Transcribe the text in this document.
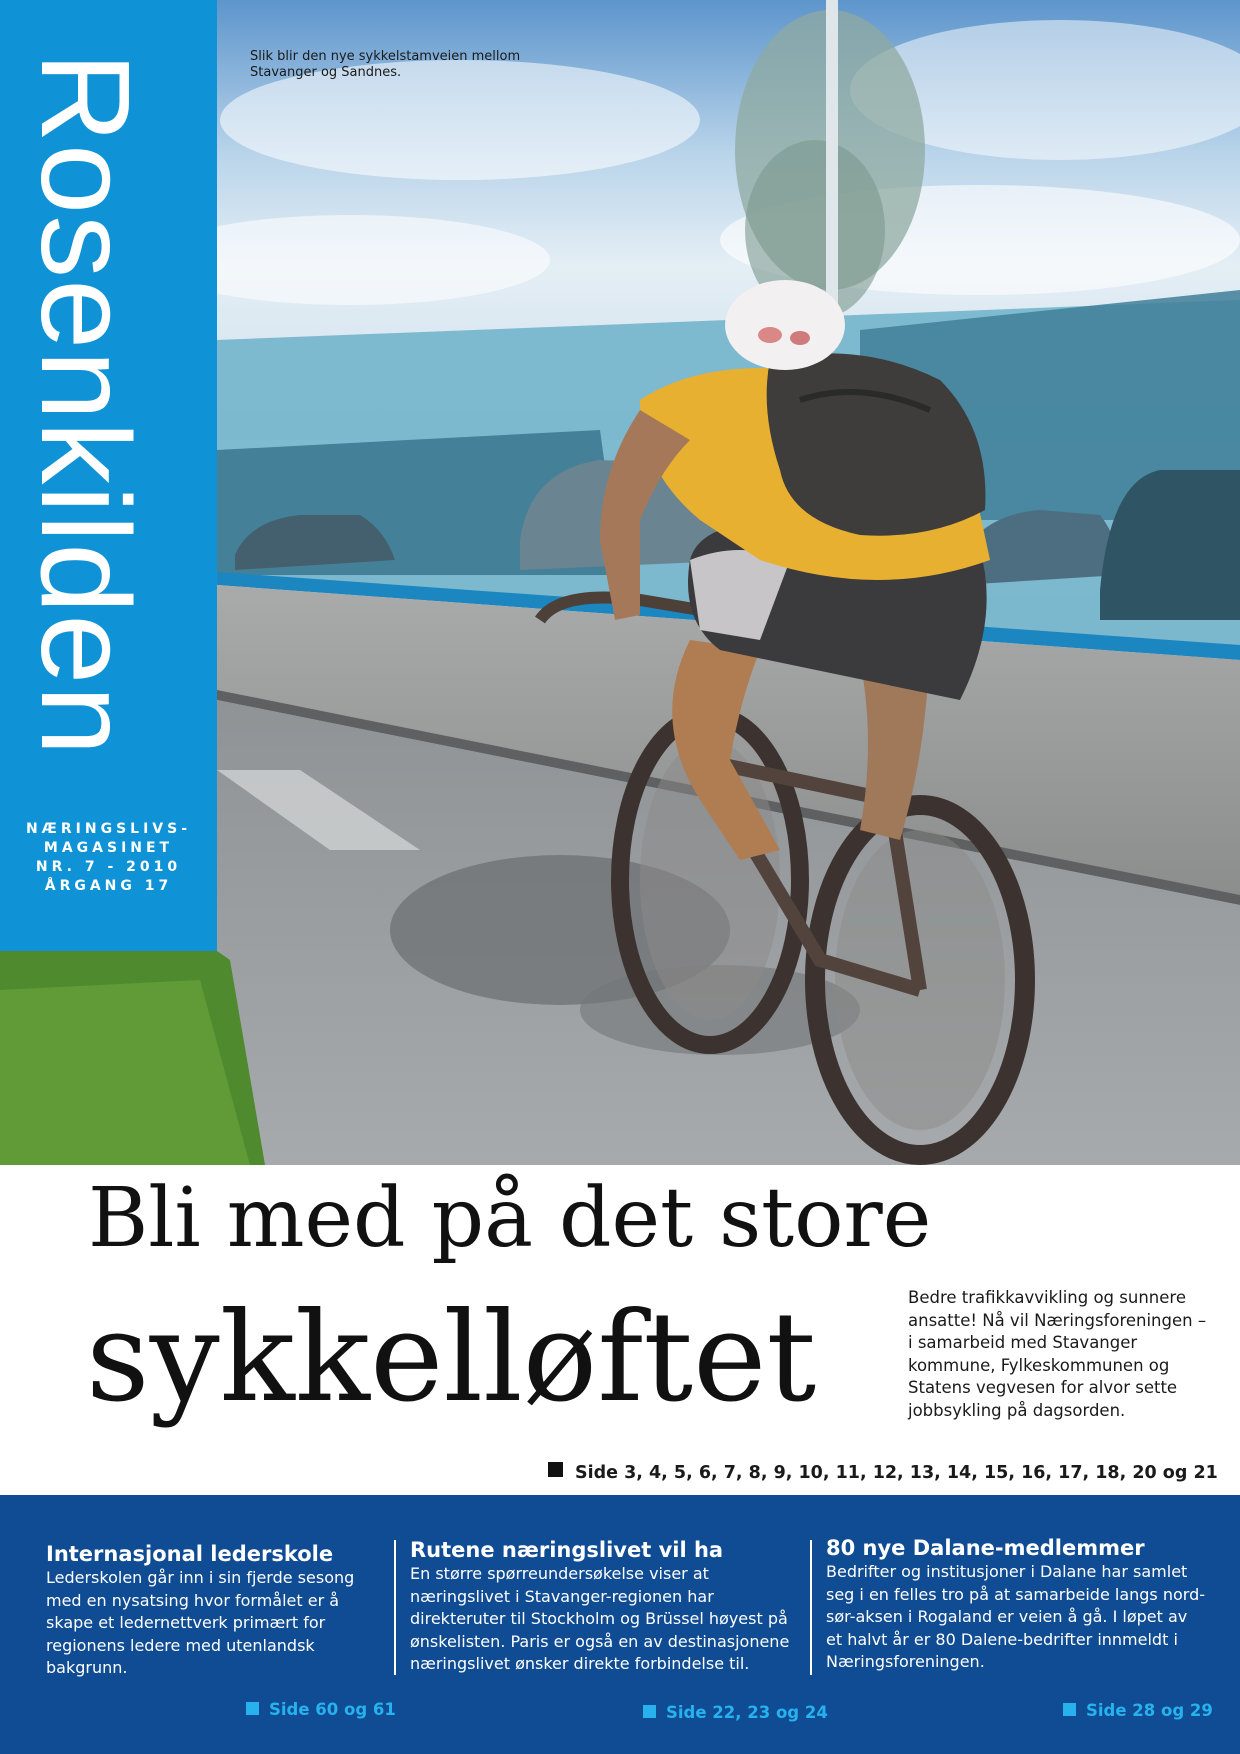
Slik blir den nye sykkelstamveien mellom Stavanger og Sandnes.
Rosenkilden
NÆRINGSLIVS-
MAGASINET
NR. 7 - 2010
ÅRGANG 17
Bli med på det store
sykkelløftet	Bedre trafikkavvikling og sunnere ansatte! Nå vil Næringsforeningen – i samarbeid med Stavanger kommune, Fylkeskommunen og Statens vegvesen for alvor sette jobbsykling på dagsorden.
Side 3, 4, 5, 6, 7, 8, 9, 10, 11, 12, 13, 14, 15, 16, 17, 18, 20 og 21
Internasjonal lederskole

Lederskolen går inn i sin fjerde sesong med en nysatsing hvor formålet er å skape et ledernettverk primært for regionens ledere med utenlandsk bakgrunn.

Rutene næringslivet vil ha

En større spørreundersøkelse viser at næringslivet i Stavanger-regionen har direkteruter til Stockholm og Brüssel høyest på ønskelisten. Paris er også en av destinasjonene næringslivet ønsker direkte forbindelse til.

80 nye Dalane-medlemmer

Bedrifter og institusjoner i Dalane har samlet seg i en felles tro på at samarbeide langs nord-sør-aksen i Rogaland er veien å gå. I løpet av et halvt år er 80 Dalene-bedrifter innmeldt i Næringsforeningen.

Side 60 og 61	Side 22, 23 og 24	Side 28 og 29
